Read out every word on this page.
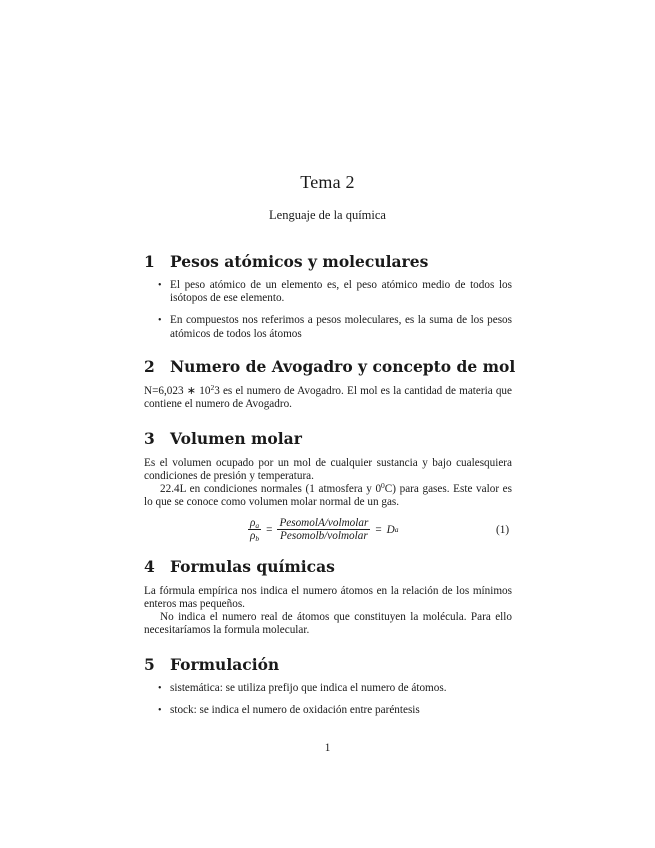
Tema 2
Lenguaje de la química
1 Pesos atómicos y moleculares
• El peso atómico de un elemento es, el peso atómico medio de todos los isótopos de ese elemento.
• En compuestos nos referimos a pesos moleculares, es la suma de los pesos atómicos de todos los átomos
2 Numero de Avogadro y concepto de mol
N=6,023 ∗ $10^23$ es el numero de Avogadro. El mol es la cantidad de materia que contiene el numero de Avogadro.
3 Volumen molar
Es el volumen ocupado por un mol de cualquier sustancia y bajo cualesquiera condiciones de presión y temperatura.
22.4L en condiciones normales (1 atmosfera y $0^0C$) para gases. Este valor es lo que se conoce como volumen molar normal de un gas.
$\frac{\rho_a}{\rho_b} = \frac{\text{PesomolA/volmolar}}{\text{Pesomolb/volmolar}} = D$ a	(1)
4 Formulas químicas
La fórmula empírica nos indica el numero átomos en la relación de los mínimos enteros mas pequeños.
No indica el numero real de átomos que constituyen la molécula. Para ello necesitaríamos la formula molecular.
5 Formulación
• sistemática: se utiliza prefijo que indica el numero de átomos.
• stock: se indica el numero de oxidación entre paréntesis
1
